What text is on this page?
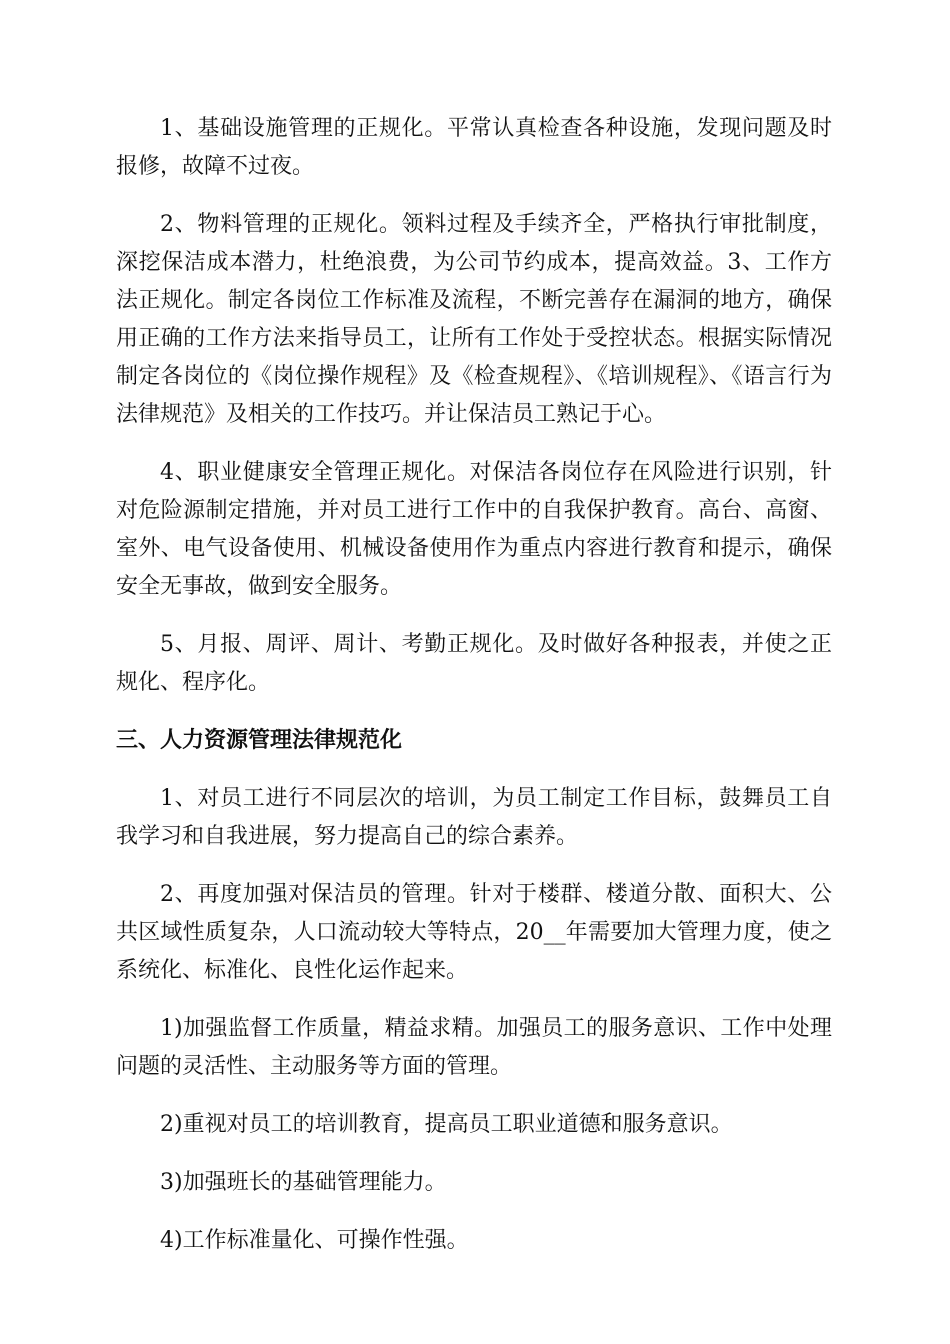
1、基础设施管理的正规化。平常认真检查各种设施，发现问题及时报修，故障不过夜。

2、物料管理的正规化。领料过程及手续齐全，严格执行审批制度，深挖保洁成本潜力，杜绝浪费，为公司节约成本，提高效益。3、工作方法正规化。制定各岗位工作标准及流程，不断完善存在漏洞的地方，确保用正确的工作方法来指导员工，让所有工作处于受控状态。根据实际情况制定各岗位的《岗位操作规程》及《检查规程》、《培训规程》、《语言行为法律规范》及相关的工作技巧。并让保洁员工熟记于心。

4、职业健康安全管理正规化。对保洁各岗位存在风险进行识别，针对危险源制定措施，并对员工进行工作中的自我保护教育。高台、高窗、室外、电气设备使用、机械设备使用作为重点内容进行教育和提示，确保安全无事故，做到安全服务。

5、月报、周评、周计、考勤正规化。及时做好各种报表，并使之正规化、程序化。

三、人力资源管理法律规范化

1、对员工进行不同层次的培训，为员工制定工作目标，鼓舞员工自我学习和自我进展，努力提高自己的综合素养。

2、再度加强对保洁员的管理。针对于楼群、楼道分散、面积大、公共区域性质复杂，人口流动较大等特点，20__年需要加大管理力度，使之系统化、标准化、良性化运作起来。

1)加强监督工作质量，精益求精。加强员工的服务意识、工作中处理问题的灵活性、主动服务等方面的管理。

2)重视对员工的培训教育，提高员工职业道德和服务意识。

3)加强班长的基础管理能力。

4)工作标准量化、可操作性强。
